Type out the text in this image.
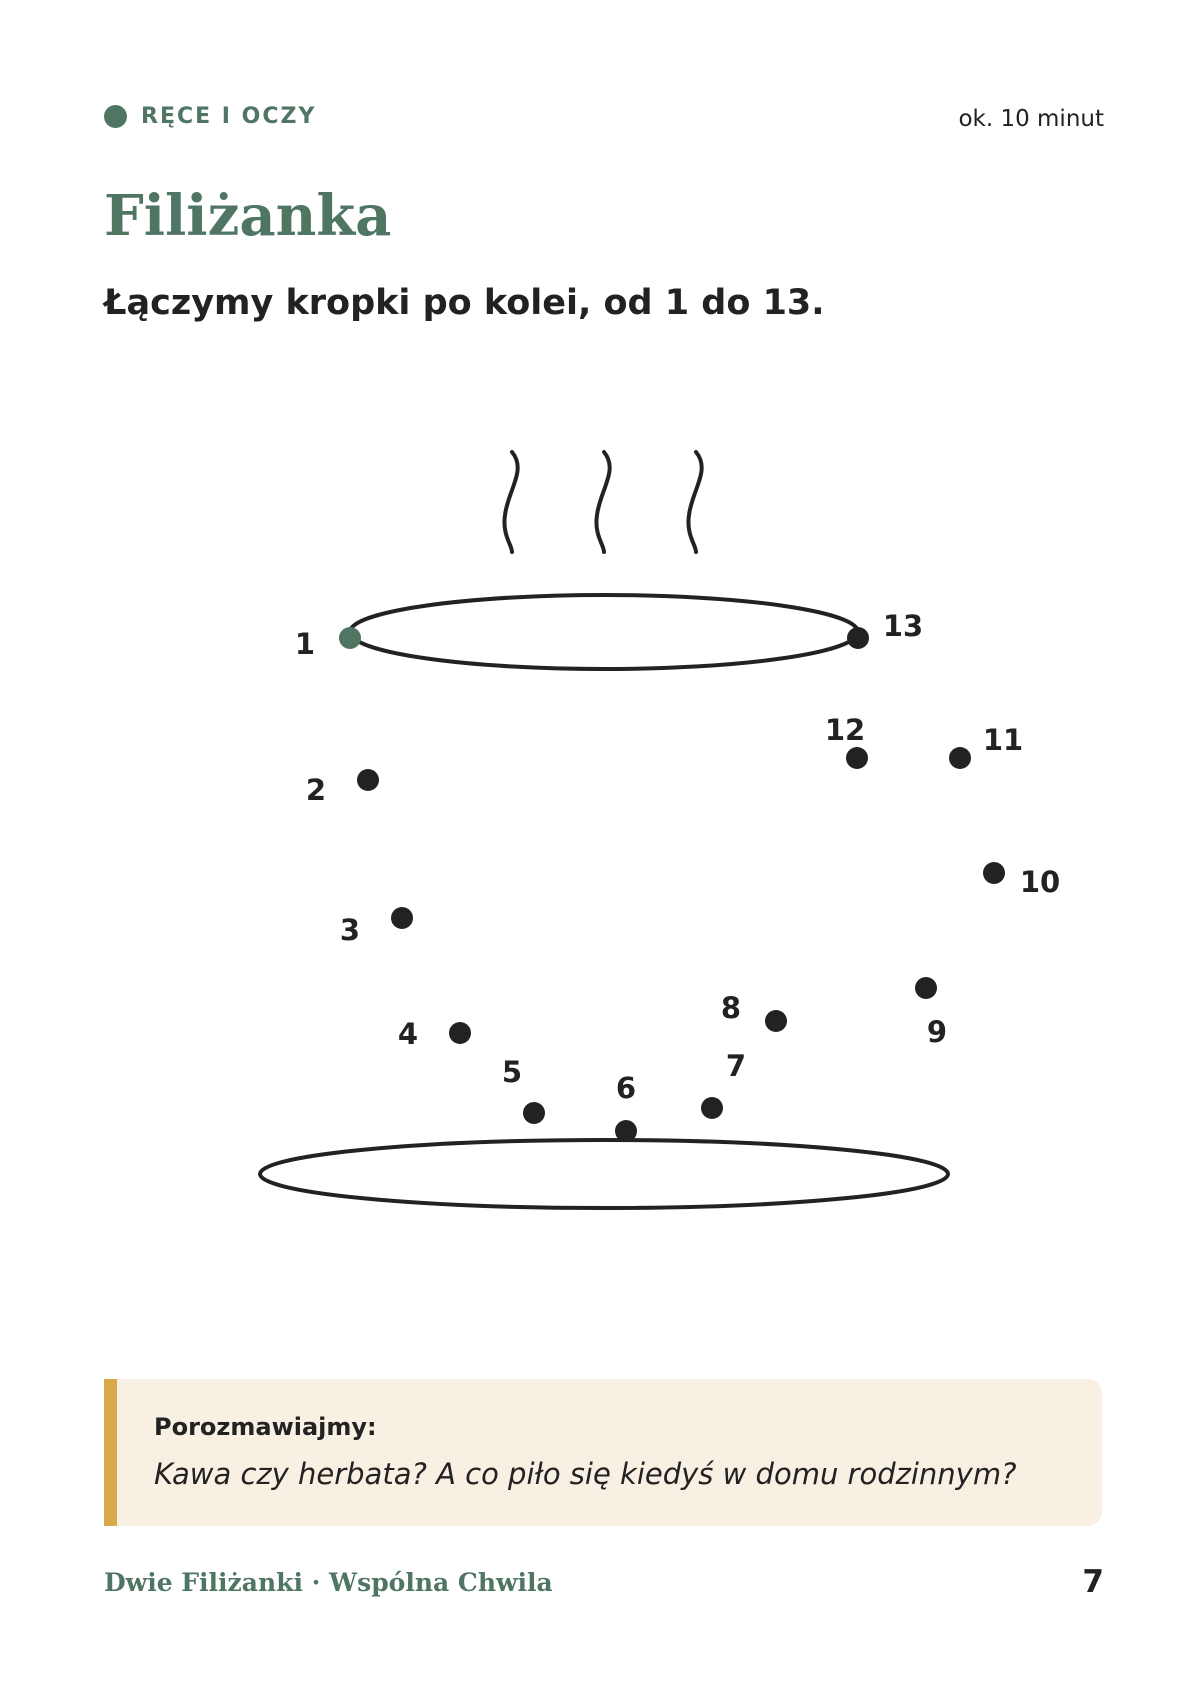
RĘCE I OCZY	ok. 10 minut
Filiżanka

Łączymy kropki po kolei, od 1 do 13.

1
2
3
4
5	6
7
8
9
10
11
12
13
Porozmawiajmy:
Kawa czy herbata? A co piło się kiedyś w domu rodzinnym?
Dwie Filiżanki · Wspólna Chwila	7
